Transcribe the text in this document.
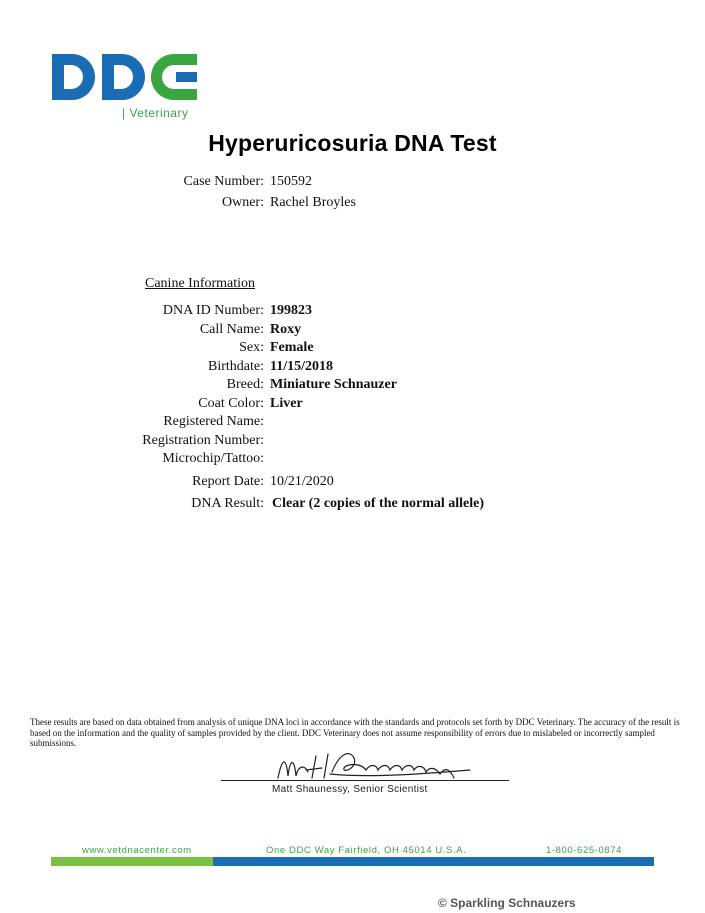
| Veterinary
Hyperuricosuria DNA Test
Case Number: 150592
Owner: Rachel Broyles
Canine Information
DNA ID Number: 199823
Call Name: Roxy
Sex: Female
Birthdate: 11/15/2018
Breed: Miniature Schnauzer
Coat Color: Liver
Registered Name:
Registration Number:
Microchip/Tattoo:
Report Date: 10/21/2020
DNA Result: Clear (2 copies of the normal allele)
These results are based on data obtained from analysis of unique DNA loci in accordance with the standards and protocols set forth by DDC Veterinary. The accuracy of the result is based on the information and the quality of samples provided by the client. DDC Veterinary does not assume responsibility of errors due to mislabeled or incorrectly sampled submissions.
Matt Shaunessy, Senior Scientist
www.vetdnacenter.com	One DDC Way Fairfield, OH 45014 U.S.A.	1-800-625-0874
© Sparkling Schnauzers
